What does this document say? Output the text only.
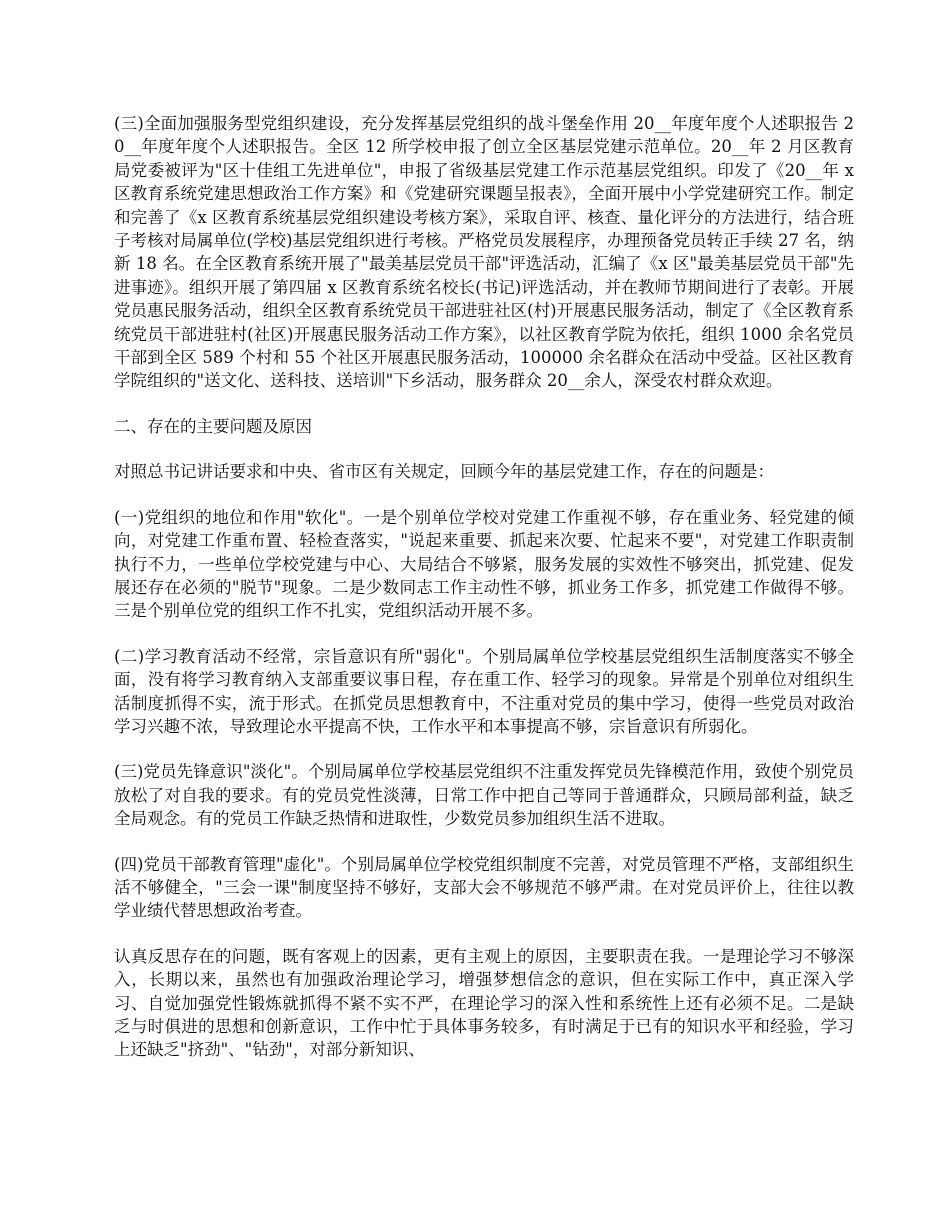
(三)全面加强服务型党组织建设，充分发挥基层党组织的战斗堡垒作用 20__年度年度个人述职报告 20__年度年度个人述职报告。全区 12 所学校申报了创立全区基层党建示范单位。20__年 2 月区教育局党委被评为"区十佳组工先进单位"，申报了省级基层党建工作示范基层党组织。印发了《20__年 x 区教育系统党建思想政治工作方案》和《党建研究课题呈报表》，全面开展中小学党建研究工作。制定和完善了《x 区教育系统基层党组织建设考核方案》，采取自评、核查、量化评分的方法进行，结合班子考核对局属单位(学校)基层党组织进行考核。严格党员发展程序，办理预备党员转正手续 27 名，纳新 18 名。在全区教育系统开展了"最美基层党员干部"评选活动，汇编了《x 区"最美基层党员干部"先进事迹》。组织开展了第四届 x 区教育系统名校长(书记)评选活动，并在教师节期间进行了表彰。开展党员惠民服务活动，组织全区教育系统党员干部进驻社区(村)开展惠民服务活动，制定了《全区教育系统党员干部进驻村(社区)开展惠民服务活动工作方案》，以社区教育学院为依托，组织 1000 余名党员干部到全区 589 个村和 55 个社区开展惠民服务活动，100000 余名群众在活动中受益。区社区教育学院组织的"送文化、送科技、送培训"下乡活动，服务群众 20__余人，深受农村群众欢迎。

二、存在的主要问题及原因

对照总书记讲话要求和中央、省市区有关规定，回顾今年的基层党建工作，存在的问题是：

(一)党组织的地位和作用"软化"。一是个别单位学校对党建工作重视不够，存在重业务、轻党建的倾向，对党建工作重布置、轻检查落实，"说起来重要、抓起来次要、忙起来不要"，对党建工作职责制执行不力，一些单位学校党建与中心、大局结合不够紧，服务发展的实效性不够突出，抓党建、促发展还存在必须的"脱节"现象。二是少数同志工作主动性不够，抓业务工作多，抓党建工作做得不够。三是个别单位党的组织工作不扎实，党组织活动开展不多。

(二)学习教育活动不经常，宗旨意识有所"弱化"。个别局属单位学校基层党组织生活制度落实不够全面，没有将学习教育纳入支部重要议事日程，存在重工作、轻学习的现象。异常是个别单位对组织生活制度抓得不实，流于形式。在抓党员思想教育中，不注重对党员的集中学习，使得一些党员对政治学习兴趣不浓，导致理论水平提高不快，工作水平和本事提高不够，宗旨意识有所弱化。

(三)党员先锋意识"淡化"。个别局属单位学校基层党组织不注重发挥党员先锋模范作用，致使个别党员放松了对自我的要求。有的党员党性淡薄，日常工作中把自己等同于普通群众，只顾局部利益，缺乏全局观念。有的党员工作缺乏热情和进取性，少数党员参加组织生活不进取。

(四)党员干部教育管理"虚化"。个别局属单位学校党组织制度不完善，对党员管理不严格，支部组织生活不够健全，"三会一课"制度坚持不够好，支部大会不够规范不够严肃。在对党员评价上，往往以教学业绩代替思想政治考查。

认真反思存在的问题，既有客观上的因素，更有主观上的原因，主要职责在我。一是理论学习不够深入，长期以来，虽然也有加强政治理论学习，增强梦想信念的意识，但在实际工作中，真正深入学习、自觉加强党性锻炼就抓得不紧不实不严，在理论学习的深入性和系统性上还有必须不足。二是缺乏与时俱进的思想和创新意识，工作中忙于具体事务较多，有时满足于已有的知识水平和经验，学习上还缺乏"挤劲"、"钻劲"，对部分新知识、
